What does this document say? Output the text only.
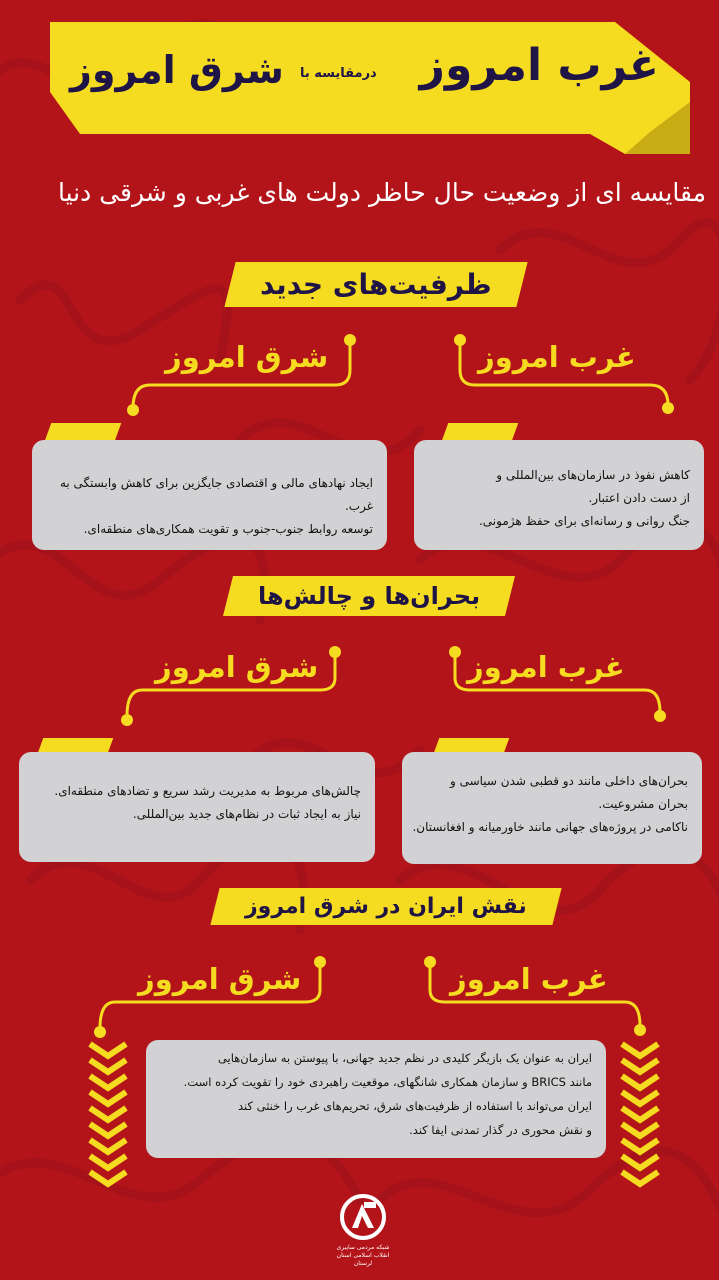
غرب امروز
درمقایسه با
شرق امروز
مقایسه ای از وضعیت حال حاظر دولت های غربی و شرقی دنیا
ظرفیت‌های جدید
غرب امروز
شرق امروز

کاهش نفوذ در سازمان‌های بین‌المللی و

از دست دادن اعتبار.

جنگ روانی و رسانه‌ای برای حفظ هژمونی.

ایجاد نهادهای مالی و اقتصادی جایگزین برای کاهش وابستگی به غرب.

توسعه روابط جنوب-جنوب و تقویت همکاری‌های منطقه‌ای.

بحران‌ها و چالش‌ها
غرب امروز
شرق امروز

بحران‌های داخلی مانند دو قطبی شدن سیاسی و

بحران مشروعیت.

ناکامی در پروژه‌های جهانی مانند خاورمیانه و افغانستان.

چالش‌های مربوط به مدیریت رشد سریع و تضادهای منطقه‌ای.

نیاز به ایجاد ثبات در نظام‌های جدید بین‌المللی.

نقش ایران در شرق امروز
غرب امروز
شرق امروز

ایران به عنوان یک بازیگر کلیدی در نظم جدید جهانی، با پیوستن به سازمان‌هایی

مانند BRICS و سازمان همکاری شانگهای، موقعیت راهبردی خود را تقویت کرده است.

ایران می‌تواند با استفاده از ظرفیت‌های شرق، تحریم‌های غرب را خنثی کند

و نقش محوری در گذار تمدنی ایفا کند.

شبکه مردمی سایبری انقلاب اسلامی استان لرستان
